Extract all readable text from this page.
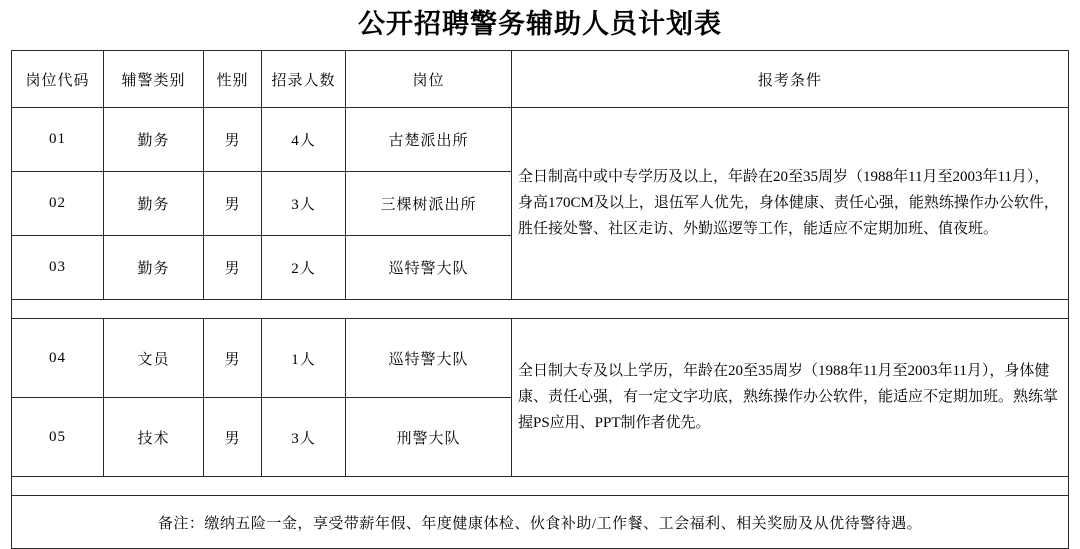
公开招聘警务辅助人员计划表
岗位代码	辅警类别	性别	招录人数	岗位	报考条件
01	勤务	男	4人	古楚派出所	全日制高中或中专学历及以上，年龄在20至35周岁（1988年11月至2003年11月），身高170CM及以上，退伍军人优先，身体健康、责任心强，能熟练操作办公软件，胜任接处警、社区走访、外勤巡逻等工作，能适应不定期加班、值夜班。
02	勤务	男	3人	三棵树派出所	
03	勤务	男	2人	巡特警大队	

04	文员	男	1人	巡特警大队	全日制大专及以上学历，年龄在20至35周岁（1988年11月至2003年11月），身体健康、责任心强，有一定文字功底，熟练操作办公软件，能适应不定期加班。熟练掌握PS应用、PPT制作者优先。
05	技术	男	3人	刑警大队	

备注：缴纳五险一金，享受带薪年假、年度健康体检、伙食补助/工作餐、工会福利、相关奖励及从优待警待遇。					
